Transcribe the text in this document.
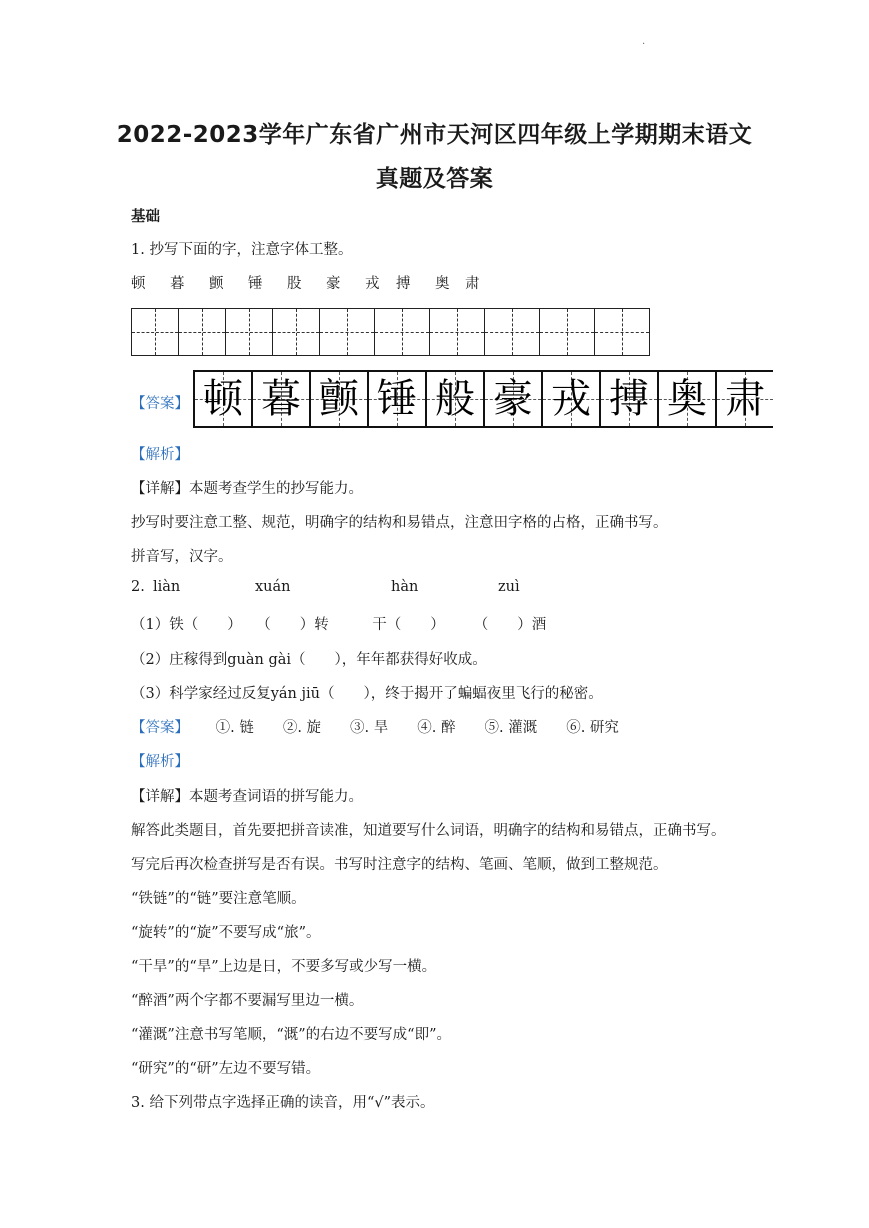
.
2022-2023学年广东省广州市天河区四年级上学期期末语文
真题及答案
基础
1. 抄写下面的字，注意字体工整。
顿 暮 颤 锤 股 豪 戎 搏 奥 肃
【答案】 顿 暮 颤 锤 般 豪 戎 搏 奥 肃
【解析】
【详解】本题考查学生的抄写能力。
抄写时要注意工整、规范，明确字的结构和易错点，注意田字格的占格，正确书写。
拼音写，汉字。
2. liàn	xuán	hàn	zuì
（1）铁（　　）　　（　　）转　　　干（　　）　　　（　　）酒
（2）庄稼得到guàn gài（　　），年年都获得好收成。
（3）科学家经过反复yán jiū（　　），终于揭开了蝙蝠夜里飞行的秘密。
【答案】 ①. 链　　②. 旋　　③. 旱　　④. 醉　　⑤. 灌溉　　⑥. 研究
【解析】
【详解】本题考查词语的拼写能力。
解答此类题目，首先要把拼音读准，知道要写什么词语，明确字的结构和易错点，正确书写。
写完后再次检查拼写是否有误。书写时注意字的结构、笔画、笔顺，做到工整规范。
“铁链”的“链”要注意笔顺。
“旋转”的“旋”不要写成“旅”。
“干旱”的“旱”上边是日，不要多写或少写一横。
“醉酒”两个字都不要漏写里边一横。
“灌溉”注意书写笔顺，“溉”的右边不要写成“即”。
“研究”的“研”左边不要写错。
3. 给下列带点字选择正确的读音，用“√”表示。
